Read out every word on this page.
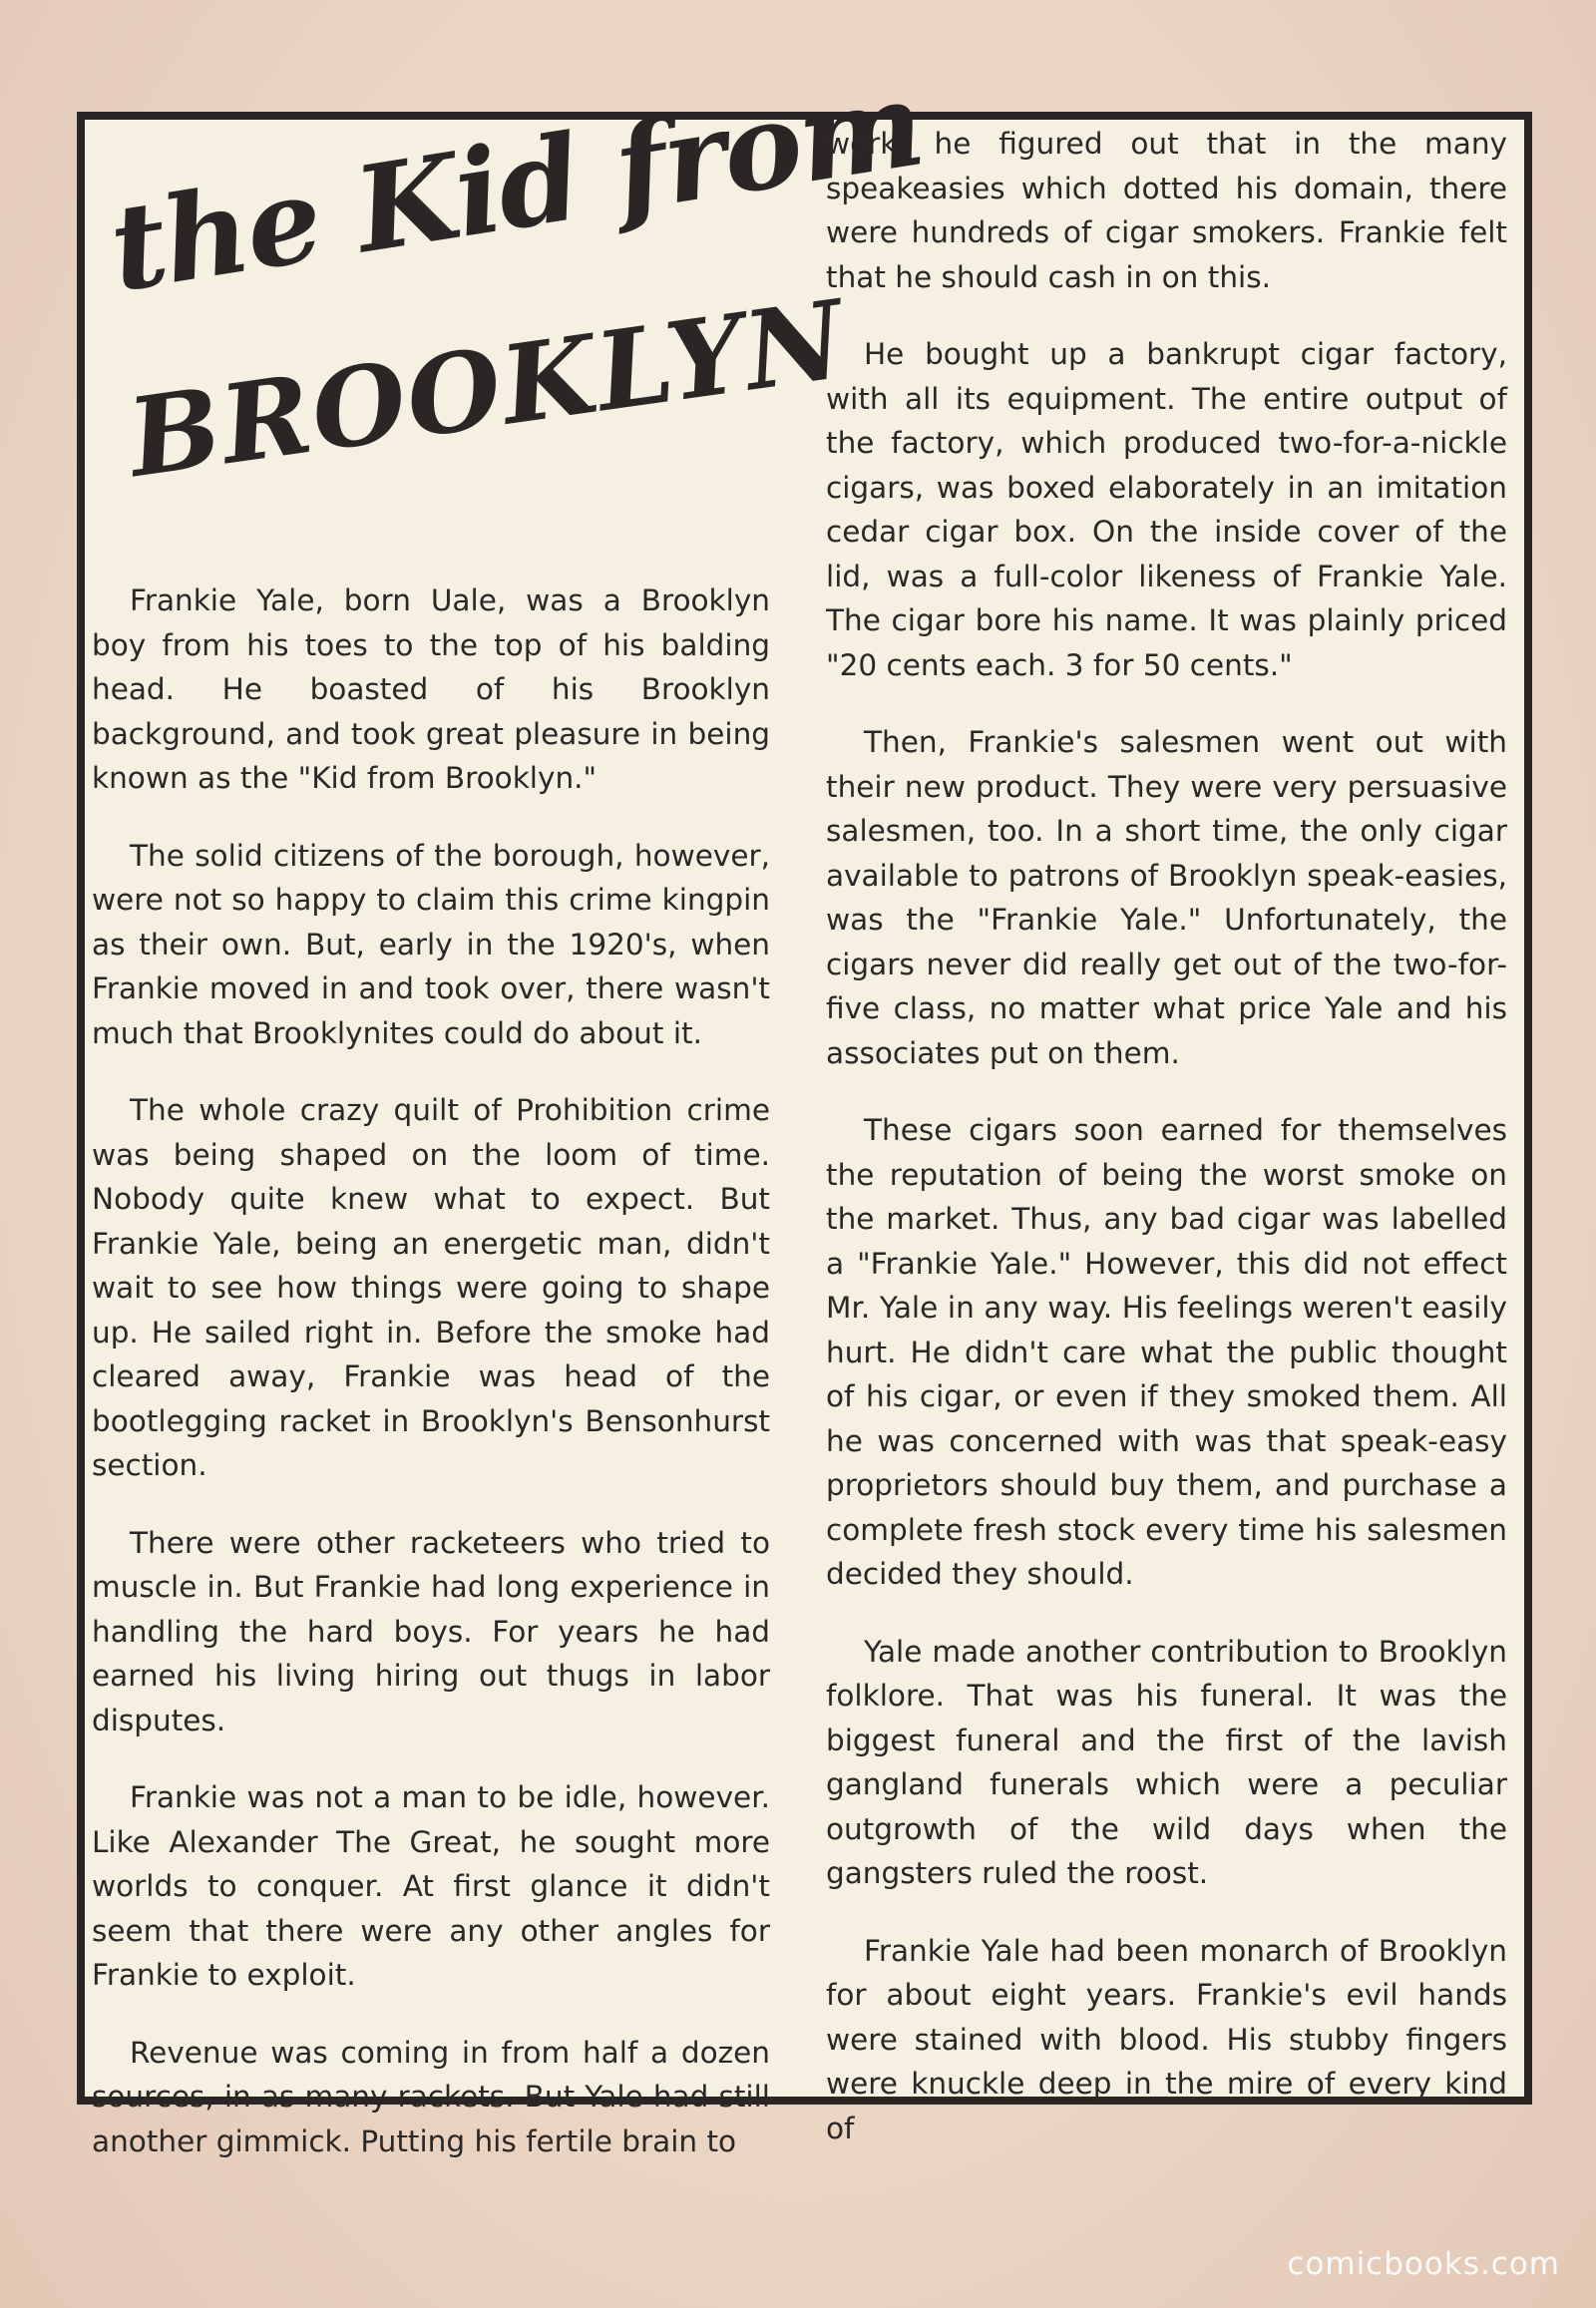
the Kid from
BROOKLYN

Frankie Yale, born Uale, was a Brooklyn boy from his toes to the top of his balding head. He boasted of his Brooklyn background, and took great pleasure in being known as the "Kid from Brooklyn."

The solid citizens of the borough, however, were not so happy to claim this crime kingpin as their own. But, early in the 1920's, when Frankie moved in and took over, there wasn't much that Brooklynites could do about it.

The whole crazy quilt of Prohibition crime was being shaped on the loom of time. Nobody quite knew what to expect. But Frankie Yale, being an energetic man, didn't wait to see how things were going to shape up. He sailed right in. Before the smoke had cleared away, Frankie was head of the bootlegging racket in Brooklyn's Bensonhurst section.

There were other racketeers who tried to muscle in. But Frankie had long experience in handling the hard boys. For years he had earned his living hiring out thugs in labor disputes.

Frankie was not a man to be idle, however. Like Alexander The Great, he sought more worlds to conquer. At first glance it didn't seem that there were any other angles for Frankie to exploit.

Revenue was coming in from half a dozen sources, in as many rackets. But Yale had still another gimmick. Putting his fertile brain to

work, he figured out that in the many speakeasies which dotted his domain, there were hundreds of cigar smokers. Frankie felt that he should cash in on this.

He bought up a bankrupt cigar factory, with all its equipment. The entire output of the factory, which produced two-for-a-nickle cigars, was boxed elaborately in an imitation cedar cigar box. On the inside cover of the lid, was a full-color likeness of Frankie Yale. The cigar bore his name. It was plainly priced "20 cents each. 3 for 50 cents."

Then, Frankie's salesmen went out with their new product. They were very persuasive salesmen, too. In a short time, the only cigar available to patrons of Brooklyn speak-easies, was the "Frankie Yale." Unfortunately, the cigars never did really get out of the two-for-five class, no matter what price Yale and his associates put on them.

These cigars soon earned for themselves the reputation of being the worst smoke on the market. Thus, any bad cigar was labelled a "Frankie Yale." However, this did not effect Mr. Yale in any way. His feelings weren't easily hurt. He didn't care what the public thought of his cigar, or even if they smoked them. All he was concerned with was that speak-easy proprietors should buy them, and purchase a complete fresh stock every time his salesmen decided they should.

Yale made another contribution to Brooklyn folklore. That was his funeral. It was the biggest funeral and the first of the lavish gangland funerals which were a peculiar outgrowth of the wild days when the gangsters ruled the roost.

Frankie Yale had been monarch of Brooklyn for about eight years. Frankie's evil hands were stained with blood. His stubby fingers were knuckle deep in the mire of every kind of

comicbooks.com
